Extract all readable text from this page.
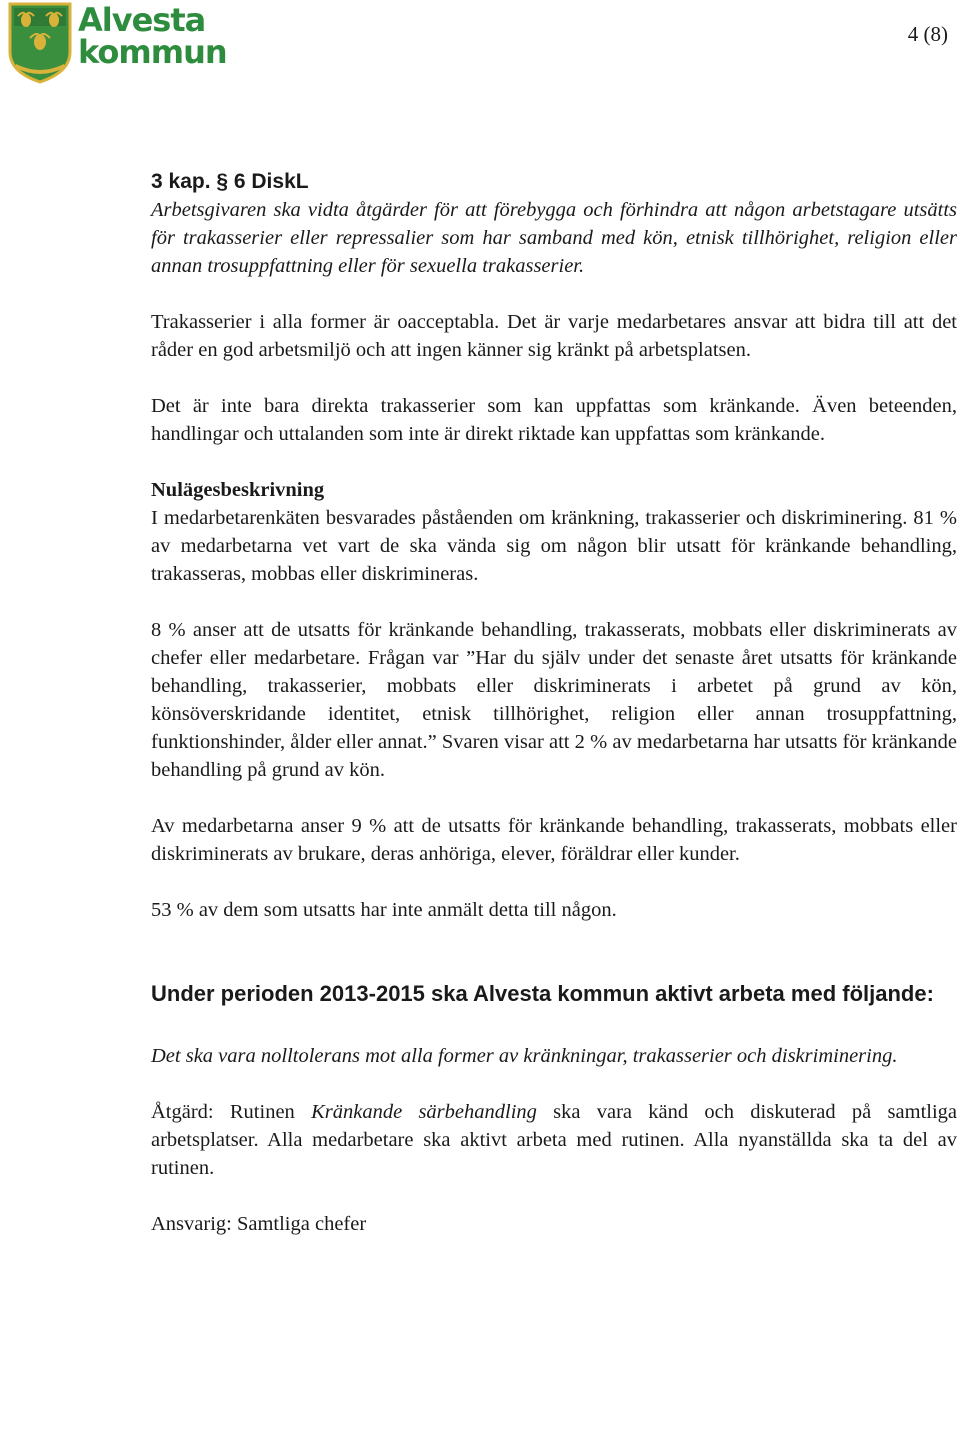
Alvesta
kommun	4 (8)
3 kap. § 6 DiskL

Arbetsgivaren ska vidta åtgärder för att förebygga och förhindra att någon arbetstagare utsätts för trakasserier eller repressalier som har samband med kön, etnisk tillhörighet, religion eller annan trosuppfattning eller för sexuella trakasserier.

Trakasserier i alla former är oacceptabla. Det är varje medarbetares ansvar att bidra till att det råder en god arbetsmiljö och att ingen känner sig kränkt på arbetsplatsen.

Det är inte bara direkta trakasserier som kan uppfattas som kränkande. Även beteenden, handlingar och uttalanden som inte är direkt riktade kan uppfattas som kränkande.

Nulägesbeskrivning

I medarbetarenkäten besvarades påståenden om kränkning, trakasserier och diskriminering. 81 % av medarbetarna vet vart de ska vända sig om någon blir utsatt för kränkande behandling, trakasseras, mobbas eller diskrimineras.

8 % anser att de utsatts för kränkande behandling, trakasserats, mobbats eller diskriminerats av chefer eller medarbetare. Frågan var ”Har du själv under det senaste året utsatts för kränkande behandling, trakasserier, mobbats eller diskriminerats i arbetet på grund av kön, könsöverskridande identitet, etnisk tillhörighet, religion eller annan trosuppfattning, funktionshinder, ålder eller annat.” Svaren visar att 2 % av medarbetarna har utsatts för kränkande behandling på grund av kön.

Av medarbetarna anser 9 % att de utsatts för kränkande behandling, trakasserats, mobbats eller diskriminerats av brukare, deras anhöriga, elever, föräldrar eller kunder.

53 % av dem som utsatts har inte anmält detta till någon.

Under perioden 2013-2015 ska Alvesta kommun aktivt arbeta med följande:

Det ska vara nolltolerans mot alla former av kränkningar, trakasserier och diskriminering.

Åtgärd: Rutinen Kränkande särbehandling ska vara känd och diskuterad på samtliga arbetsplatser. Alla medarbetare ska aktivt arbeta med rutinen. Alla nyanställda ska ta del av rutinen.

Ansvarig: Samtliga chefer
